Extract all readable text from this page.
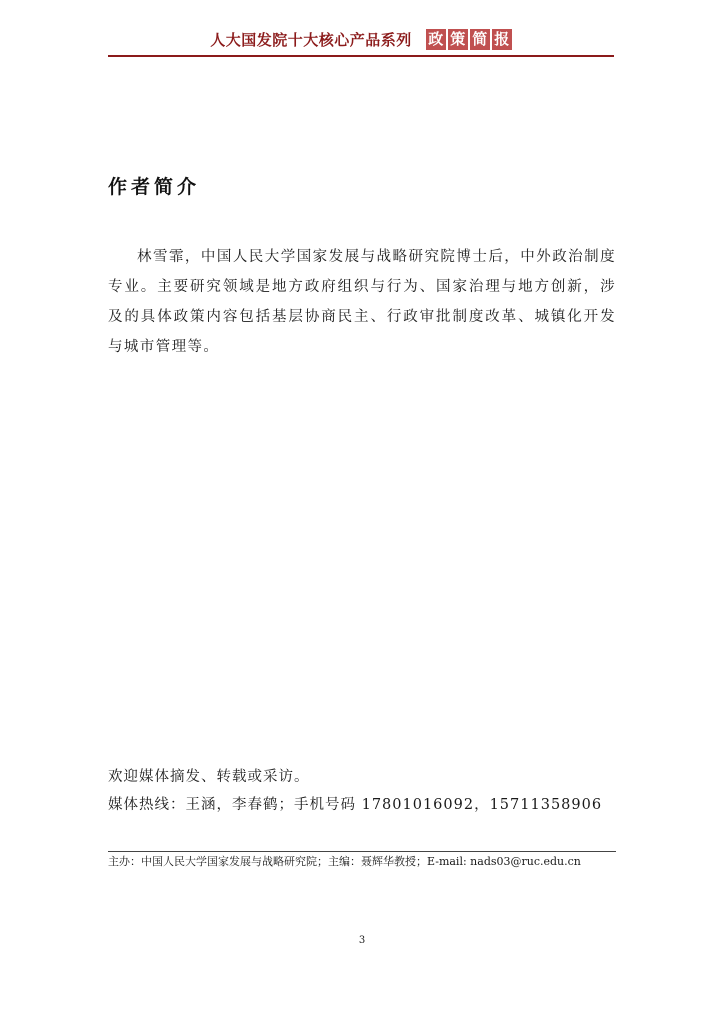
人大国发院十大核心产品系列 政 策 简 报
作者简介

林雪霏，中国人民大学国家发展与战略研究院博士后，中外政治制度专业。主要研究领域是地方政府组织与行为、国家治理与地方创新，涉及的具体政策内容包括基层协商民主、行政审批制度改革、城镇化开发与城市管理等。

欢迎媒体摘发、转载或采访。
媒体热线：王涵，李春鹤；手机号码 17801016092，15711358906
主办：中国人民大学国家发展与战略研究院；主编：聂辉华教授；E-mail: nads03@ruc.edu.cn
3
